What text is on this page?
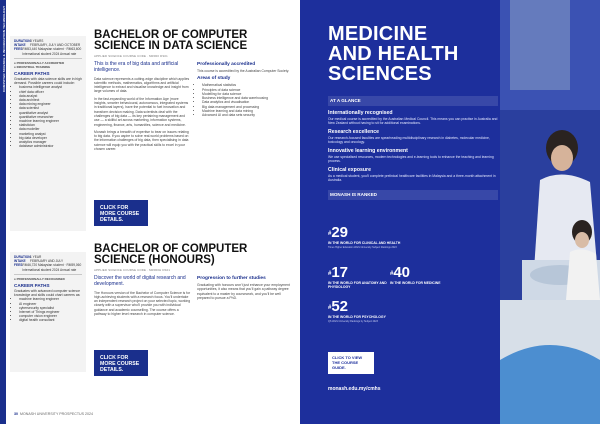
COMPUTER SCIENCE & INFORMATION TECHNOLOGY	DURATION 3 YEARS
INTAKE	FEBRUARY, JULY AND OCTOBER
FEES RM53,440 Malaysian student · RM63,600 International student 2024 Annual rate
● PROFESSIONALLY ACCREDITED
● INDUSTRIAL TRAINING
CAREER PATHS
Graduates with data science skills are in high demand. Possible careers could include:
• business intelligence analyst
• chief data officer
• data analyst
• data architect
• data mining engineer
• data scientist
• quantitative analyst
• quantitative researcher
• machine learning engineer
• statistician
• data modeller
• marketing analyst
• big data developer
• analytics manager
• database administrator
BACHELOR OF COMPUTER SCIENCE IN DATA SCIENCE
APPLIED SCIENCE COURSE CODE · MR000 DS01

This is the era of big data and artificial intelligence.

Data science represents a cutting-edge discipline which applies scientific methods, mathematics, algorithms and artificial intelligence to extract and visualise knowledge and insight from large volumes of data.

In the fast-expanding world of the Information Age (more insights, smarter behavioural, autonomous, integrated systems in traditional layers), have the potential to fuel innovation and transform decision making. Data scientists deal with the challenges of big data — its key pertaining management and use — a skillful art across marketing, information systems, engineering, finance, arts, humanities, science and medicine.

Monash brings a breadth of expertise to bear on issues relating to big data. If you aspire to solve real-world problems based on the information challenges of big data, then specialising in data science will equip you with the practical skills to excel in your chosen career.

Professionally accredited

This course is accredited by the Australian Computer Society.

Areas of study

• Mathematical statistics
• Principles of data science
• Modelling for data science
• Business intelligence and data warehousing
• Data analytics and visualisation
• Big data management and processing
• Machine learning and data mining
• Advanced AI and data sets security
CLICK FOR MORE COURSE DETAILS.
DURATION 1 YEAR
INTAKE	FEBRUARY AND JULY
FEES RM46,720 Malaysian student · RM59,060 International student 2024 Annual rate
● PROFESSIONALLY RECOGNISED
CAREER PATHS
Graduates with advanced computer science knowledge and skills could chart careers as:
• machine learning engineer
• AI engineer
• cybersecurity specialist
• Internet of Things engineer
• computer vision engineer
• digital health consultant
BACHELOR OF COMPUTER SCIENCE (HONOURS)
APPLIED SCIENCE COURSE CODE · MR000H DS01

Discover the world of digital research and development.

The Honours version of the Bachelor of Computer Science is for high-achieving students with a research focus. You'll undertake an independent research project on your selected topic, working closely with a supervisor who'll provide you with individual guidance and academic counselling. The course offers a pathway to higher level research in computer science.

Progression to further studies

Graduating with honours won't just enhance your employment opportunities, it also means that you'll gain a pathway degree equivalent to a master by coursework, and you'll be well prepared to pursue a PhD.

CLICK FOR MORE COURSE DETAILS.
30 MONASH UNIVERSITY PROSPECTUS 2024
MEDICINE
AND HEALTH
SCIENCES
AT A GLANCE
Internationally recognised
Our medical course is accredited by the Australian Medical Council. This means you can practise in Australia and New Zealand without having to sit for additional examinations.
Research excellence
Our research-focused faculties are spearheading multidisciplinary research in diabetes, molecular medicine, toxicology and oncology.
Innovative learning environment
We use specialised resources, modern technologies and e-learning tools to enhance the teaching and learning process.
Clinical exposure
As a medical student, you'll complete prelinical healthcare facilities in Malaysia and a three-month attachment in Australia.
MONASH IS RANKED
#29
IN THE WORLD FOR CLINICAL AND HEALTH
Times Higher Education World University Subject Rankings 2023
#17
IN THE WORLD FOR ANATOMY AND PHYSIOLOGY
#40
IN THE WORLD FOR MEDICINE
#52
IN THE WORLD FOR PSYCHOLOGY
QS World University Rankings by Subject 2023
CLICK TO VIEW THE COURSE GUIDE.
monash.edu.my/cmhs
